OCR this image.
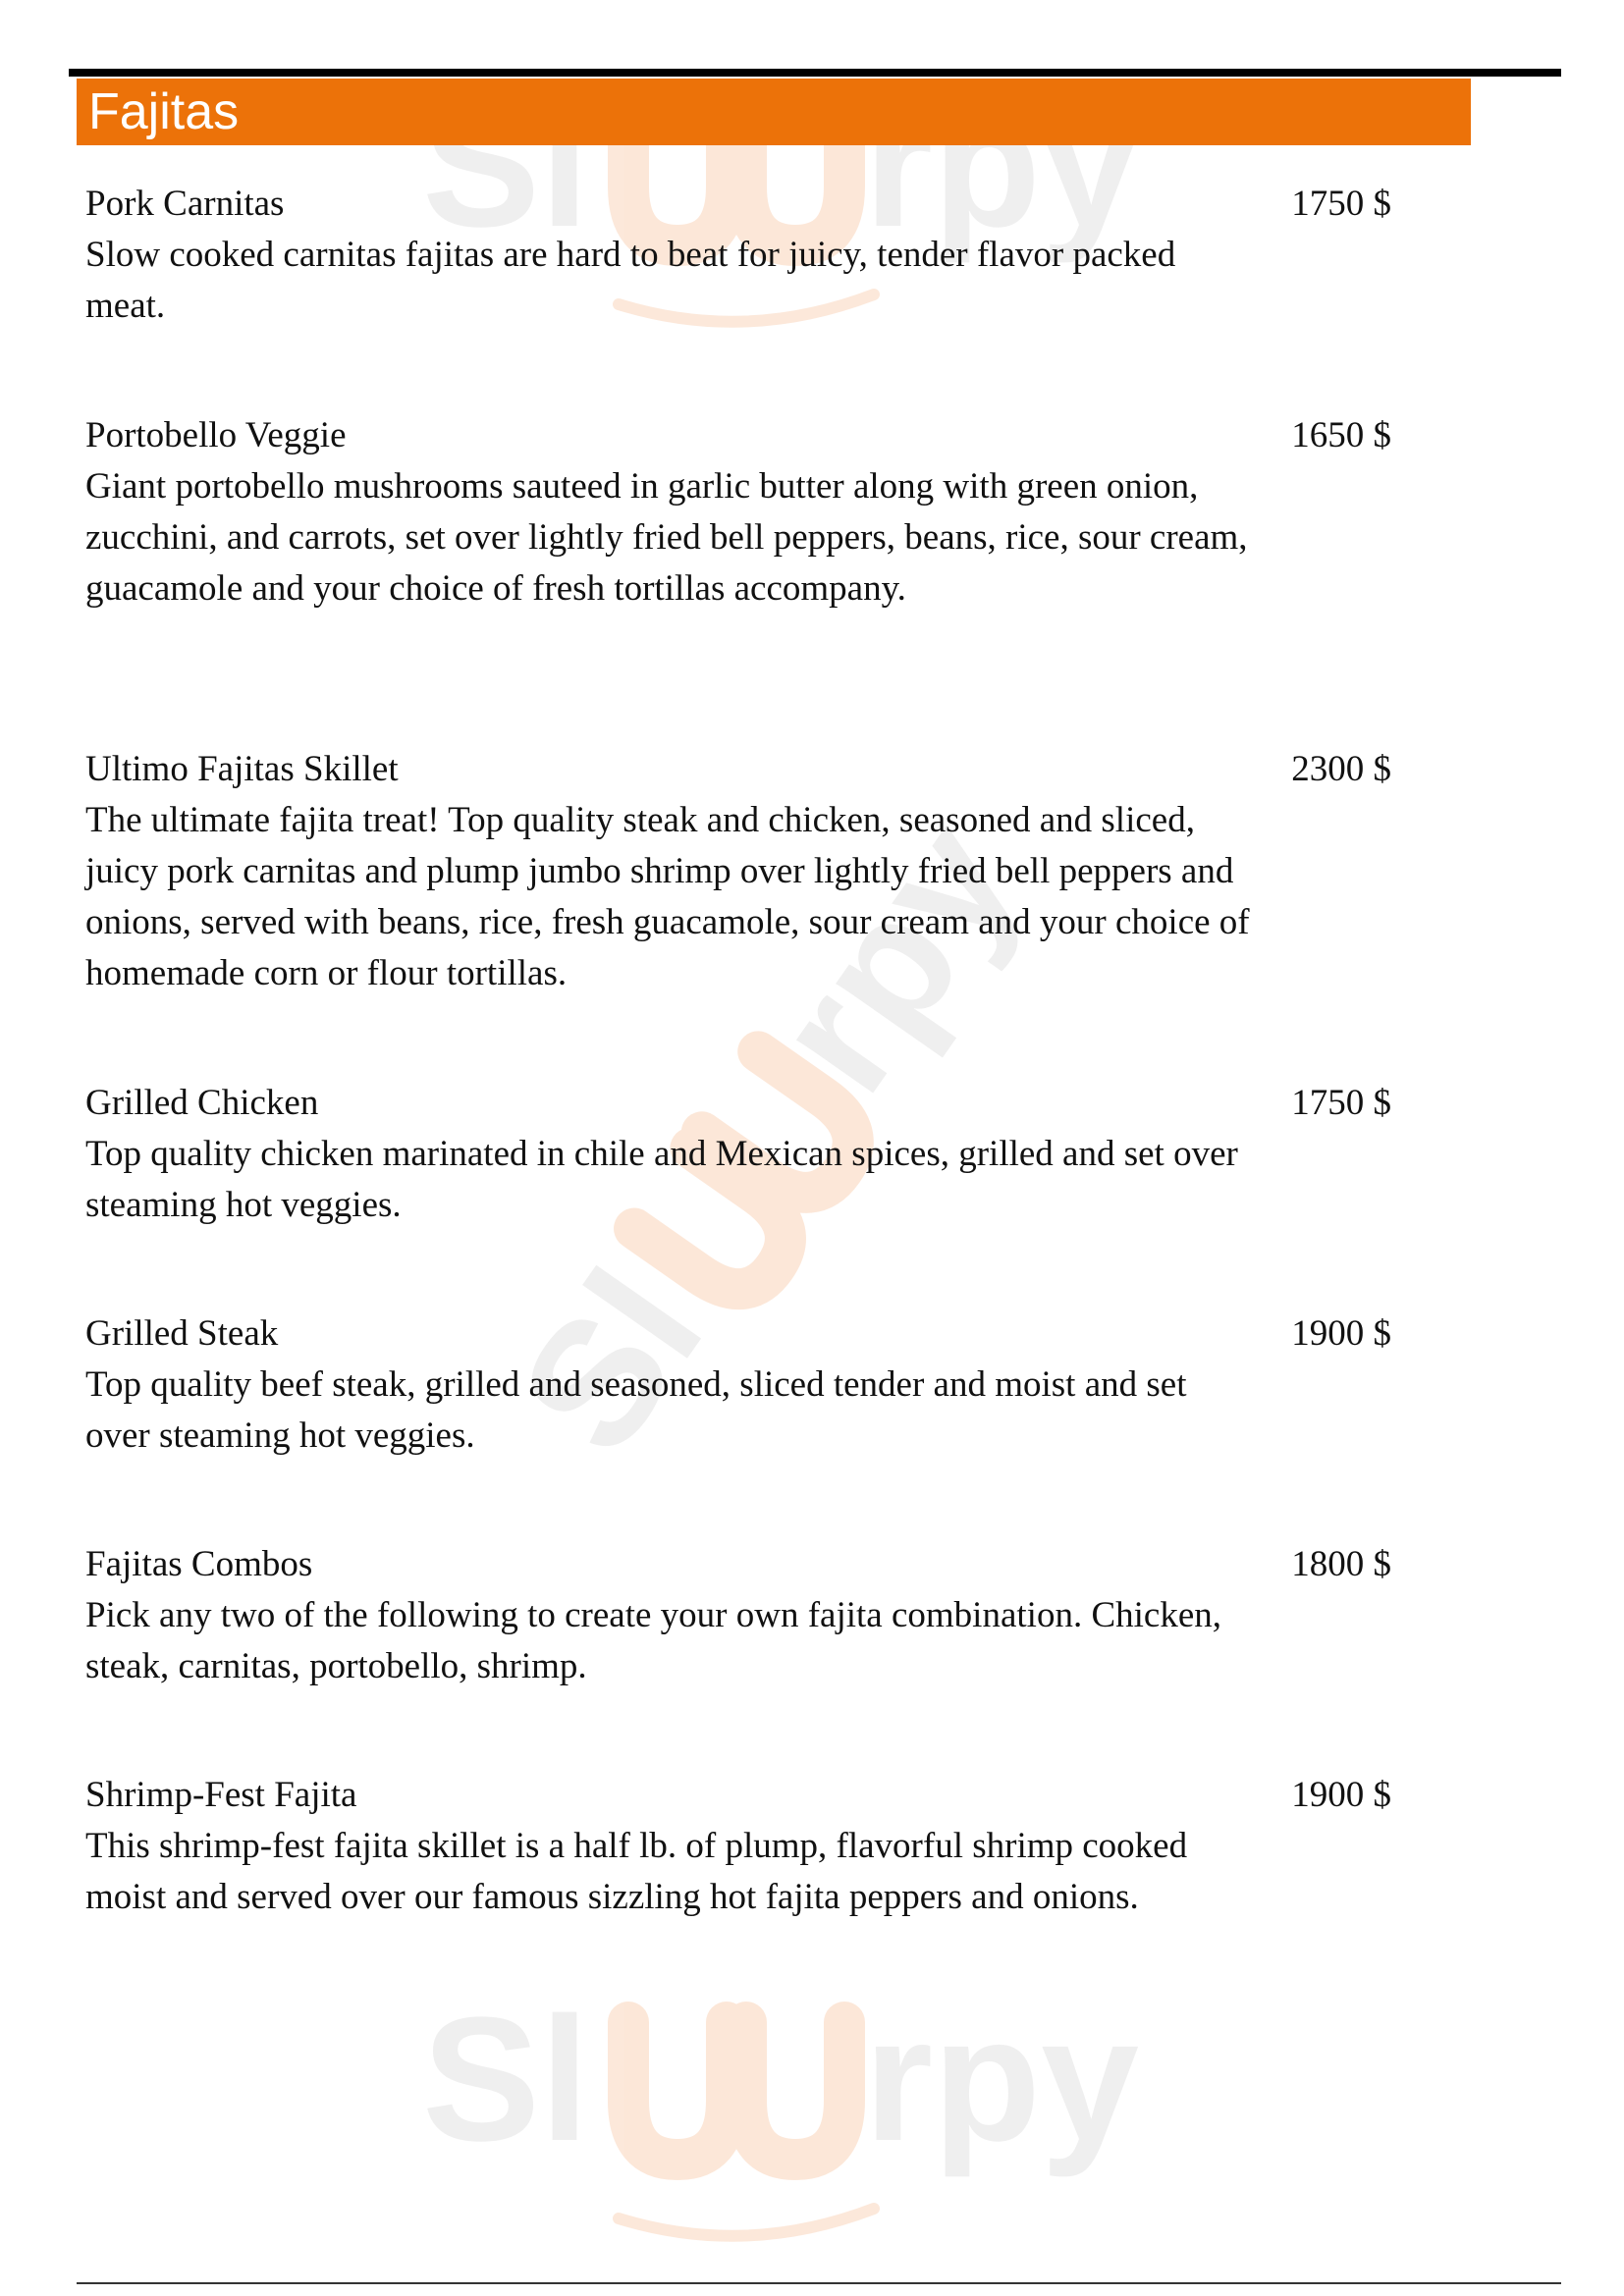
Sl rpy
Sl
rpy
Sl rpy
Fajitas
Pork Carnitas	1750 $
Slow cooked carnitas fajitas are hard to beat for juicy, tender flavor packed meat.
Portobello Veggie	1650 $
Giant portobello mushrooms sauteed in garlic butter along with green onion, zucchini, and carrots, set over lightly fried bell peppers, beans, rice, sour cream, guacamole and your choice of fresh tortillas accompany.
Ultimo Fajitas Skillet	2300 $
The ultimate fajita treat! Top quality steak and chicken, seasoned and sliced, juicy pork carnitas and plump jumbo shrimp over lightly fried bell peppers and onions, served with beans, rice, fresh guacamole, sour cream and your choice of homemade corn or flour tortillas.
Grilled Chicken	1750 $
Top quality chicken marinated in chile and Mexican spices, grilled and set over steaming hot veggies.
Grilled Steak	1900 $
Top quality beef steak, grilled and seasoned, sliced tender and moist and set over steaming hot veggies.
Fajitas Combos	1800 $
Pick any two of the following to create your own fajita combination. Chicken, steak, carnitas, portobello, shrimp.
Shrimp-Fest Fajita	1900 $
This shrimp-fest fajita skillet is a half lb. of plump, flavorful shrimp cooked moist and served over our famous sizzling hot fajita peppers and onions.
